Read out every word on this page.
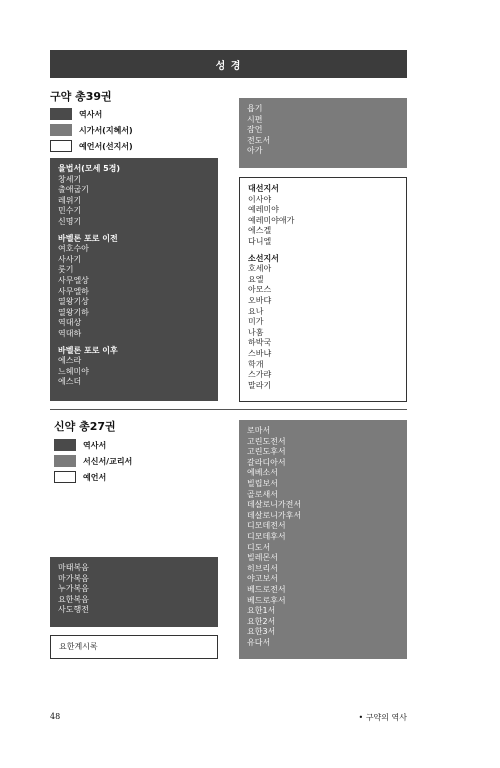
성 경
구약 총39권
역사서
시가서(지혜서)
예언서(선지서)
율법서(모세 5경)
창세기
출애굽기
레위기
민수기
신명기
바벨론 포로 이전
여호수아
사사기
룻기
사무엘상
사무엘하
열왕기상
열왕기하
역대상
역대하
바벨론 포로 이후
에스라
느헤미야
에스더
욥기
시편
잠언
전도서
아가
대선지서
이사야
예레미야
예레미야애가
에스겔
다니엘
소선지서
호세아
요엘
아모스
오바댜
요나
미가
나훔
하박국
스바냐
학개
스가랴
말라기
신약 총27권
역사서
서신서/교리서
예언서
마태복음
마가복음
누가복음
요한복음
사도행전
요한계시록
로마서
고린도전서
고린도후서
갈라디아서
에베소서
빌립보서
골로새서
데살로니가전서
데살로니가후서
디모데전서
디모데후서
디도서
빌레몬서
히브리서
야고보서
베드로전서
베드로후서
요한1서
요한2서
요한3서
유다서
48	• 구약의 역사
